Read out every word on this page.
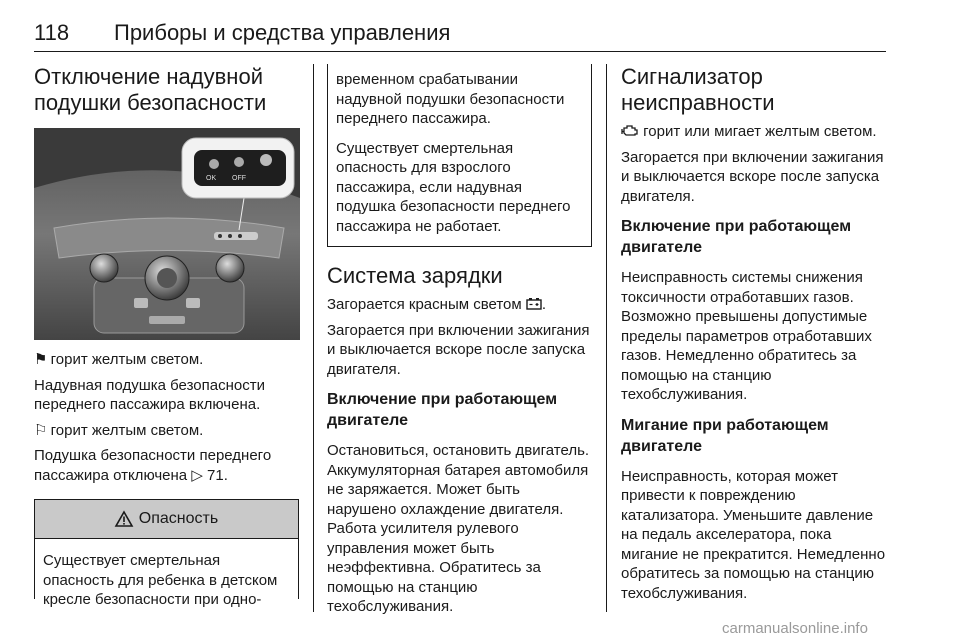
118 Приборы и средства управления
Отключение надувной подушки безопасности
OK OFF

⚑ горит желтым светом.

Надувная подушка безопасности переднего пассажира включена.

⚐ горит желтым светом.

Подушка безопасности переднего пассажира отключена ▷ 71.

Опасность

Существует смертельная опасность для ребенка в детском кресле безопасности при одно-

временном срабатывании надувной подушки безопасности переднего пассажира.

Существует смертельная опасность для взрослого пассажира, если надувная подушка безопасности переднего пассажира не работает.

Система зарядки

Загорается красным светом .

Загорается при включении зажигания и выключается вскоре после запуска двигателя.

Включение при работающем двигателе

Остановиться, остановить двигатель. Аккумуляторная батарея автомобиля не заряжается. Может быть нарушено охлаждение двигателя. Работа усилителя рулевого управления может быть неэффективна. Обратитесь за помощью на станцию техобслуживания.

Сигнализатор неисправности

горит или мигает желтым светом.

Загорается при включении зажигания и выключается вскоре после запуска двигателя.

Включение при работающем двигателе

Неисправность системы снижения токсичности отработавших газов. Возможно превышены допустимые пределы параметров отработавших газов. Немедленно обратитесь за помощью на станцию техобслуживания.

Мигание при работающем двигателе

Неисправность, которая может привести к повреждению катализатора. Уменьшите давление на педаль акселератора, пока мигание не прекратится. Немедленно обратитесь за помощью на станцию техобслуживания.

carmanualsonline.info
